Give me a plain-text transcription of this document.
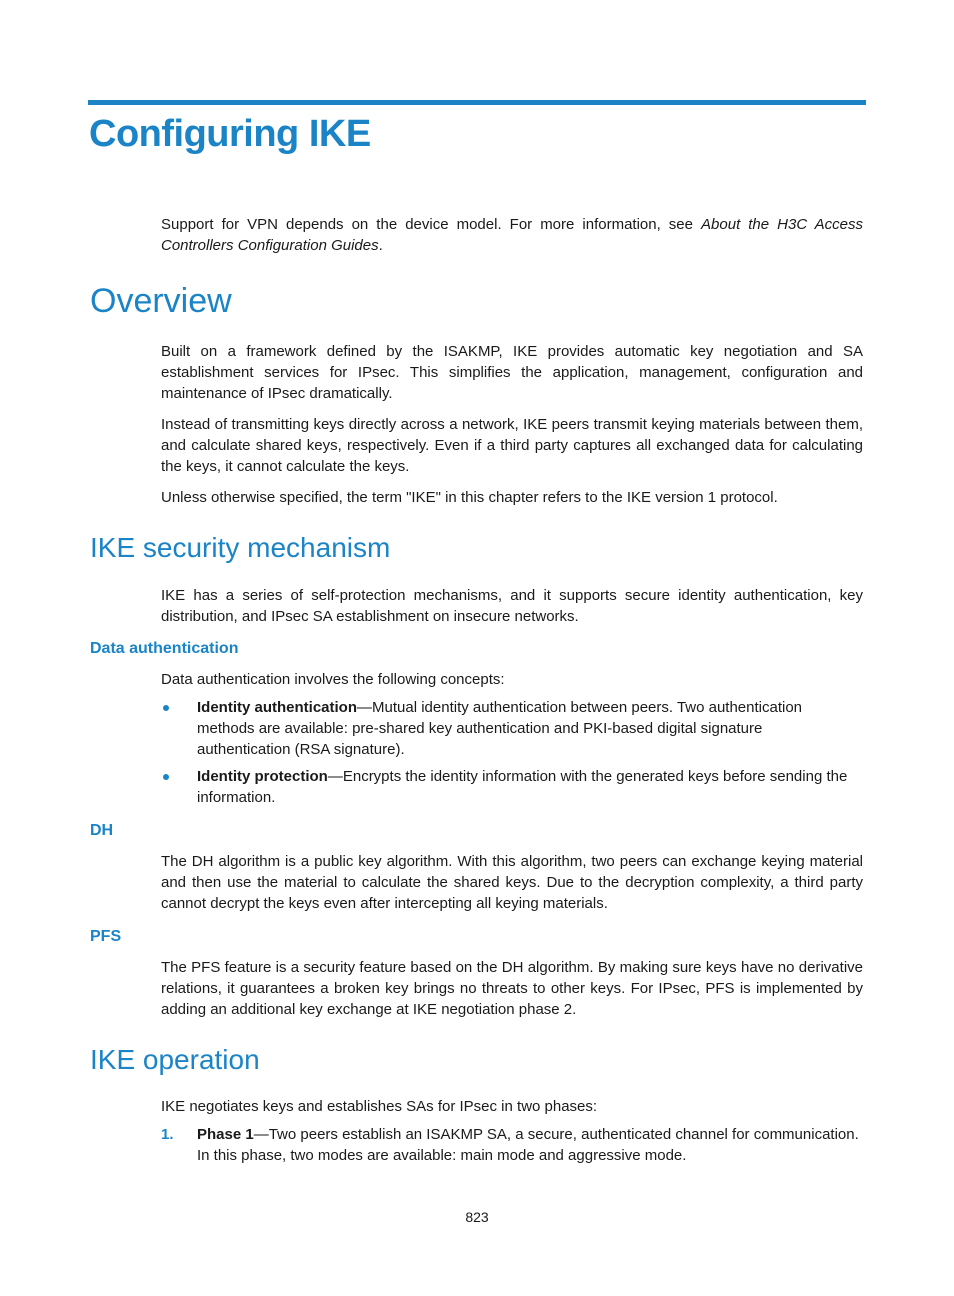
Configuring IKE

Support for VPN depends on the device model. For more information, see About the H3C Access Controllers Configuration Guides.

Overview

Built on a framework defined by the ISAKMP, IKE provides automatic key negotiation and SA establishment services for IPsec. This simplifies the application, management, configuration and maintenance of IPsec dramatically.

Instead of transmitting keys directly across a network, IKE peers transmit keying materials between them, and calculate shared keys, respectively. Even if a third party captures all exchanged data for calculating the keys, it cannot calculate the keys.

Unless otherwise specified, the term "IKE" in this chapter refers to the IKE version 1 protocol.

IKE security mechanism

IKE has a series of self-protection mechanisms, and it supports secure identity authentication, key distribution, and IPsec SA establishment on insecure networks.

Data authentication

Data authentication involves the following concepts:

Identity authentication—Mutual identity authentication between peers. Two authentication methods are available: pre-shared key authentication and PKI-based digital signature authentication (RSA signature).
Identity protection—Encrypts the identity information with the generated keys before sending the information.
DH

The DH algorithm is a public key algorithm. With this algorithm, two peers can exchange keying material and then use the material to calculate the shared keys. Due to the decryption complexity, a third party cannot decrypt the keys even after intercepting all keying materials.

PFS

The PFS feature is a security feature based on the DH algorithm. By making sure keys have no derivative relations, it guarantees a broken key brings no threats to other keys. For IPsec, PFS is implemented by adding an additional key exchange at IKE negotiation phase 2.

IKE operation

IKE negotiates keys and establishes SAs for IPsec in two phases:

1. Phase 1—Two peers establish an ISAKMP SA, a secure, authenticated channel for communication. In this phase, two modes are available: main mode and aggressive mode.
823
